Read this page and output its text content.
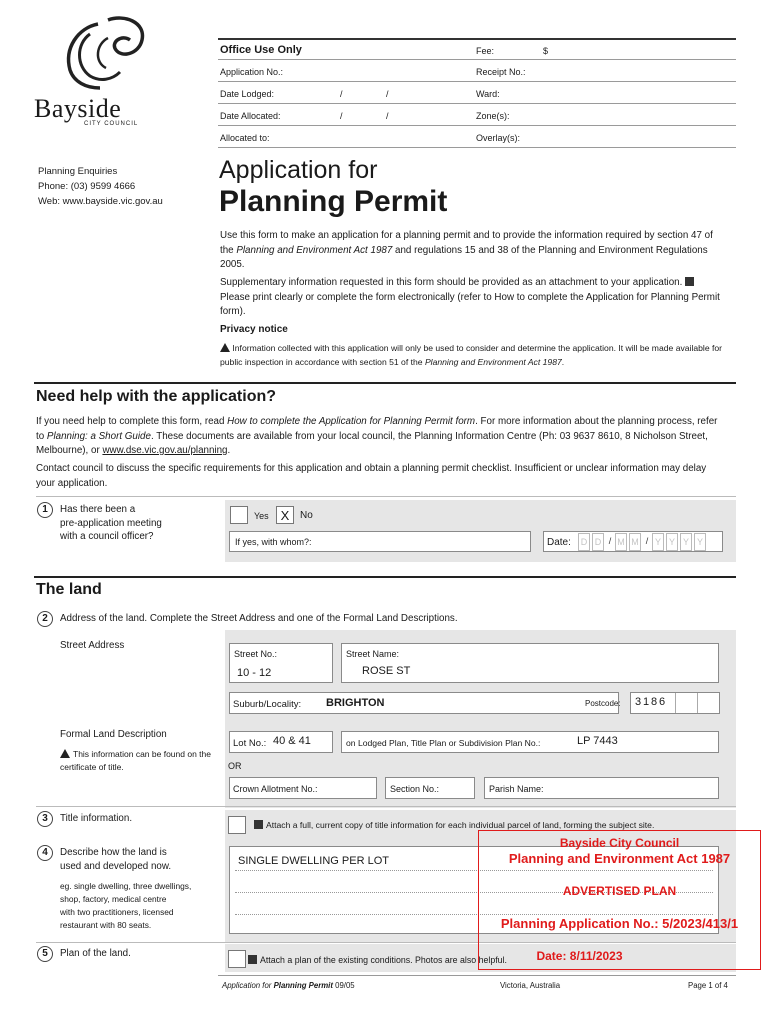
Bayside
CITY COUNCIL
Planning Enquiries
Phone: (03) 9599 4666
Web: www.bayside.vic.gov.au
Office Use Only	Fee:	$
Application No.:	Receipt No.:
Date Lodged:	/	/	Ward:
Date Allocated:	/	/	Zone(s):
Allocated to:	Overlay(s):
Application for
Planning Permit
Use this form to make an application for a planning permit and to provide the information required by section 47 of the Planning and Environment Act 1987 and regulations 15 and 38 of the Planning and Environment Regulations 2005.
Supplementary information requested in this form should be provided as an attachment to your application.  Please print clearly or complete the form electronically (refer to How to complete the Application for Planning Permit form).
Privacy notice
Information collected with this application will only be used to consider and determine the application. It will be made available for public inspection in accordance with section 51 of the Planning and Environment Act 1987.
Need help with the application?
If you need help to complete this form, read How to complete the Application for Planning Permit form. For more information about the planning process, refer to Planning: a Short Guide. These documents are available from your local council, the Planning Information Centre (Ph: 03 9637 8610, 8 Nicholson Street, Melbourne), or www.dse.vic.gov.au/planning.
Contact council to discuss the specific requirements for this application and obtain a planning permit checklist. Insufficient or unclear information may delay your application.
1	Has there been a
pre-application meeting
with a council officer?
Yes X	No
If yes, with whom?:	Date:	D D / M M / Y Y Y Y
The land
2	Address of the land. Complete the Street Address and one of the Formal Land Descriptions.
Street Address
Street No.:
10 - 12
Street Name:
ROSE ST
Suburb/Locality: BRIGHTON	Postcode: 3 1 8 6
Formal Land Description
This information can be found on the certificate of title.
Lot No.: 40 & 41	on Lodged Plan, Title Plan or Subdivision Plan No.:	LP 7443
OR
Crown Allotment No.:	Section No.:	Parish Name:
3	Title information.
Attach a full, current copy of title information for each individual parcel of land, forming the subject site.
4	Describe how the land is
used and developed now.
eg. single dwelling, three dwellings,
shop, factory, medical centre
with two practitioners, licensed
restaurant with 80 seats.
SINGLE DWELLING PER LOT
5	Plan of the land.
Attach a plan of the existing conditions. Photos are also helpful.
Bayside City Council
Planning and Environment Act 1987
ADVERTISED PLAN
Planning Application No.: 5/2023/413/1
Date: 8/11/2023
Application for Planning Permit 09/05	Victoria, Australia	Page 1 of 4
